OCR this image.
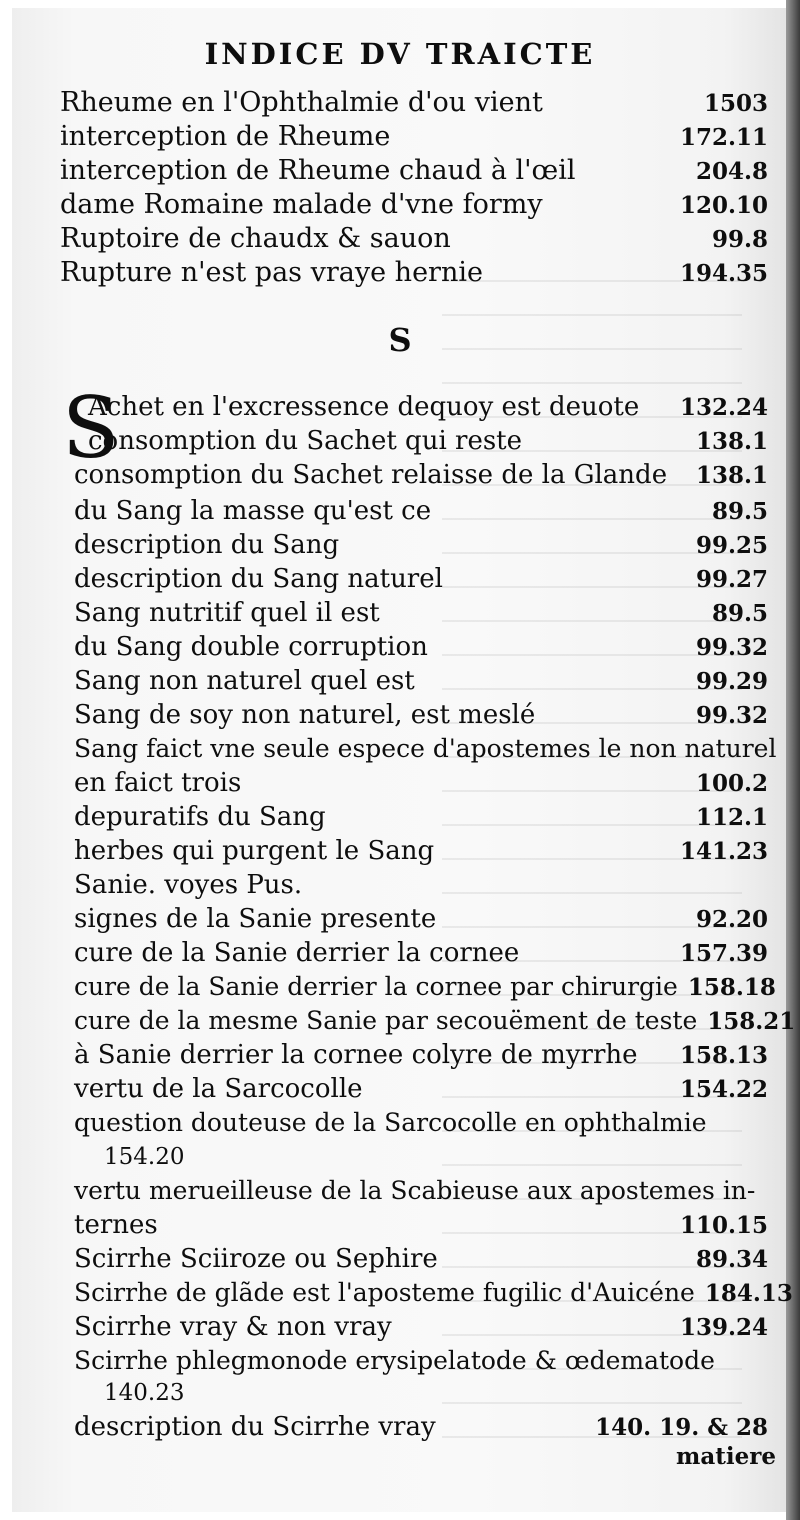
INDICE DV TRAICTE
Rheume en l'Ophthalmie d'ou vient	1503
interception de Rheume	172.11
interception de Rheume chaud à l'œil	204.8
dame Romaine malade d'vne formy	120.10
Ruptoire de chaudx & sauon	99.8
Rupture n'est pas vraye hernie	194.35
S
S
Achet en l'excressence dequoy est deuote	132.24
consomption du Sachet qui reste	138.1
consomption du Sachet relaisse de la Glande	138.1
du Sang la masse qu'est ce	89.5
description du Sang	99.25
description du Sang naturel	99.27
Sang nutritif quel il est	89.5
du Sang double corruption	99.32
Sang non naturel quel est	99.29
Sang de soy non naturel, est meslé	99.32
Sang faict vne seule espece d'apostemes le non naturel
en faict trois	100.2
depuratifs du Sang	112.1
herbes qui purgent le Sang	141.23
Sanie. voyes Pus.
signes de la Sanie presente	92.20
cure de la Sanie derrier la cornee	157.39
cure de la Sanie derrier la cornee par chirurgie 158.18
cure de la mesme Sanie par secouëment de teste 158.21
à Sanie derrier la cornee colyre de myrrhe	158.13
vertu de la Sarcocolle	154.22
question douteuse de la Sarcocolle en ophthalmie
154.20
vertu merueilleuse de la Scabieuse aux apostemes in-
ternes	110.15
Scirrhe Sciiroze ou Sephire	89.34
Scirrhe de glãde est l'aposteme fugilic d'Auicéne 184.13
Scirrhe vray & non vray	139.24
Scirrhe phlegmonode erysipelatode & œdematode
140.23
description du Scirrhe vray	140. 19. & 28
matiere
